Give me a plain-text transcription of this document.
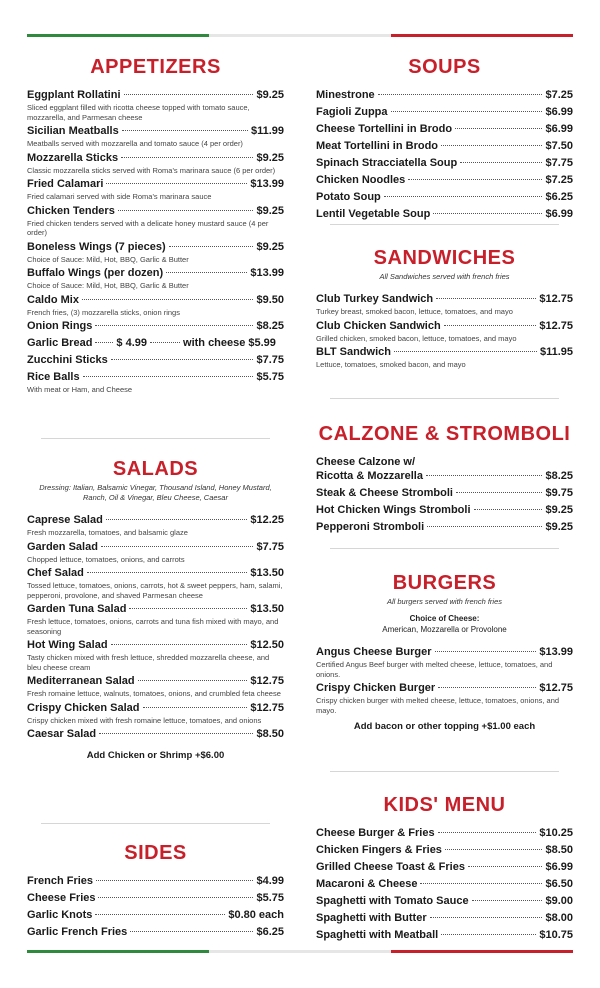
APPETIZERS
Eggplant Rollatini	$9.25
Sliced eggplant filled with ricotta cheese topped with tomato sauce, mozzarella, and Parmesan cheese
Sicilian Meatballs	$11.99
Meatballs served with mozzarella and tomato sauce (4 per order)
Mozzarella Sticks	$9.25
Classic mozzarella sticks served with Roma's marinara sauce (6 per order)
Fried Calamari	$13.99
Fried calamari served with side Roma's marinara sauce
Chicken Tenders	$9.25
Fried chicken tenders served with a delicate honey mustard sauce (4 per order)
Boneless Wings (7 pieces)	$9.25
Choice of Sauce: Mild, Hot, BBQ, Garlic & Butter
Buffalo Wings (per dozen)	$13.99
Choice of Sauce: Mild, Hot, BBQ, Garlic & Butter
Caldo Mix	$9.50
French fries, (3) mozzarella sticks, onion rings
Onion Rings	$8.25
Garlic Bread $ 4.99	with cheese $5.99
Zucchini Sticks	$7.75
Rice Balls	$5.75
With meat or Ham, and Cheese
SALADS
Dressing: Italian, Balsamic Vinegar, Thousand Island, Honey Mustard, Ranch, Oil & Vinegar, Bleu Cheese, Caesar
Caprese Salad	$12.25
Fresh mozzarella, tomatoes, and balsamic glaze
Garden Salad	$7.75
Chopped lettuce, tomatoes, onions, and carrots
Chef Salad	$13.50
Tossed lettuce, tomatoes, onions, carrots, hot & sweet peppers, ham, salami, pepperoni, provolone, and shaved Parmesan cheese
Garden Tuna Salad	$13.50
Fresh lettuce, tomatoes, onions, carrots and tuna fish mixed with mayo, and seasoning
Hot Wing Salad	$12.50
Tasty chicken mixed with fresh lettuce, shredded mozzarella cheese, and bleu cheese cream
Mediterranean Salad	$12.75
Fresh romaine lettuce, walnuts, tomatoes, onions, and crumbled feta cheese
Crispy Chicken Salad	$12.75
Crispy chicken mixed with fresh romaine lettuce, tomatoes, and onions
Caesar Salad	$8.50
Add Chicken or Shrimp +$6.00
SIDES
French Fries	$4.99
Cheese Fries	$5.75
Garlic Knots	$0.80 each
Garlic French Fries	$6.25
SOUPS
Minestrone	$7.25
Fagioli Zuppa	$6.99
Cheese Tortellini in Brodo	$6.99
Meat Tortellini in Brodo	$7.50
Spinach Stracciatella Soup	$7.75
Chicken Noodles	$7.25
Potato Soup	$6.25
Lentil Vegetable Soup	$6.99
SANDWICHES
All Sandwiches served with french fries
Club Turkey Sandwich	$12.75
Turkey breast, smoked bacon, lettuce, tomatoes, and mayo
Club Chicken Sandwich	$12.75
Grilled chicken, smoked bacon, lettuce, tomatoes, and mayo
BLT Sandwich	$11.95
Lettuce, tomatoes, smoked bacon, and mayo
CALZONE & STROMBOLI
Cheese Calzone w/
Ricotta & Mozzarella	$8.25
Steak & Cheese Stromboli	$9.75
Hot Chicken Wings Stromboli	$9.25
Pepperoni Stromboli	$9.25
BURGERS
All burgers served with french fries
Choice of Cheese:
American, Mozzarella or Provolone
Angus Cheese Burger	$13.99
Certified Angus Beef burger with melted cheese, lettuce, tomatoes, and onions.
Crispy Chicken Burger	$12.75
Crispy chicken burger with melted cheese, lettuce, tomatoes, onions, and mayo.
Add bacon or other topping +$1.00 each
KIDS' MENU
Cheese Burger & Fries	$10.25
Chicken Fingers & Fries	$8.50
Grilled Cheese Toast & Fries	$6.99
Macaroni & Cheese	$6.50
Spaghetti with Tomato Sauce	$9.00
Spaghetti with Butter	$8.00
Spaghetti with Meatball	$10.75
